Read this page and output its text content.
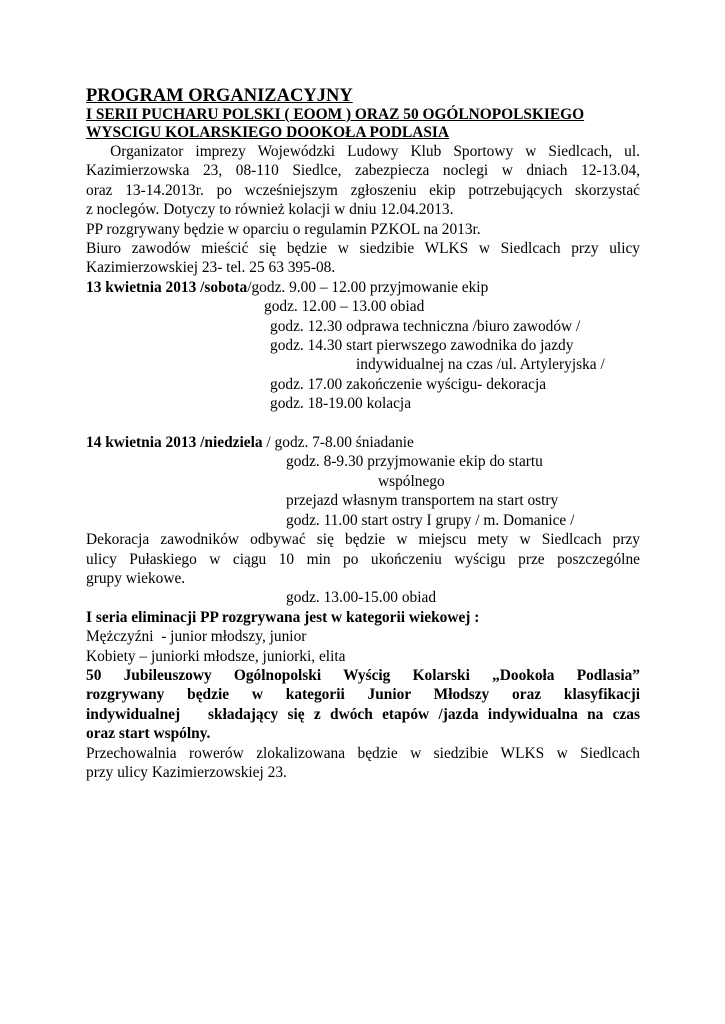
PROGRAM ORGANIZACYJNY
I SERII PUCHARU POLSKI ( EOOM ) ORAZ 50 OGÓLNOPOLSKIEGO
WYSCIGU KOLARSKIEGO DOOKOŁA PODLASIA
Organizator imprezy Wojewódzki Ludowy Klub Sportowy w Siedlcach, ul.
Kazimierzowska 23, 08-110 Siedlce, zabezpiecza noclegi w dniach 12-13.04,
oraz 13-14.2013r. po wcześniejszym zgłoszeniu ekip potrzebujących skorzystać
z noclegów. Dotyczy to również kolacji w dniu 12.04.2013.
PP rozgrywany będzie w oparciu o regulamin PZKOL na 2013r.
Biuro zawodów mieścić się będzie w siedzibie WLKS w Siedlcach przy ulicy
Kazimierzowskiej 23- tel. 25 63 395-08.
13 kwietnia 2013 /sobota/godz. 9.00 – 12.00 przyjmowanie ekip
godz. 12.00 – 13.00 obiad
godz. 12.30 odprawa techniczna /biuro zawodów /
godz. 14.30 start pierwszego zawodnika do jazdy
indywidualnej na czas /ul. Artyleryjska /
godz. 17.00 zakończenie wyścigu- dekoracja
godz. 18-19.00 kolacja
14 kwietnia 2013 /niedziela / godz. 7-8.00 śniadanie
godz. 8-9.30 przyjmowanie ekip do startu
wspólnego
przejazd własnym transportem na start ostry
godz. 11.00 start ostry I grupy / m. Domanice /
Dekoracja zawodników odbywać się będzie w miejscu mety w Siedlcach przy
ulicy Pułaskiego w ciągu 10 min po ukończeniu wyścigu prze poszczególne
grupy wiekowe.
godz. 13.00-15.00 obiad
I seria eliminacji PP rozgrywana jest w kategorii wiekowej :
Mężczyźni  - junior młodszy, junior
Kobiety – juniorki młodsze, juniorki, elita
50 Jubileuszowy Ogólnopolski Wyścig Kolarski „Dookoła Podlasia”
rozgrywany będzie w kategorii Junior Młodszy oraz klasyfikacji
indywidualnej   składający się z dwóch etapów /jazda indywidualna na czas
oraz start wspólny.
Przechowalnia rowerów zlokalizowana będzie w siedzibie WLKS w Siedlcach
przy ulicy Kazimierzowskiej 23.
